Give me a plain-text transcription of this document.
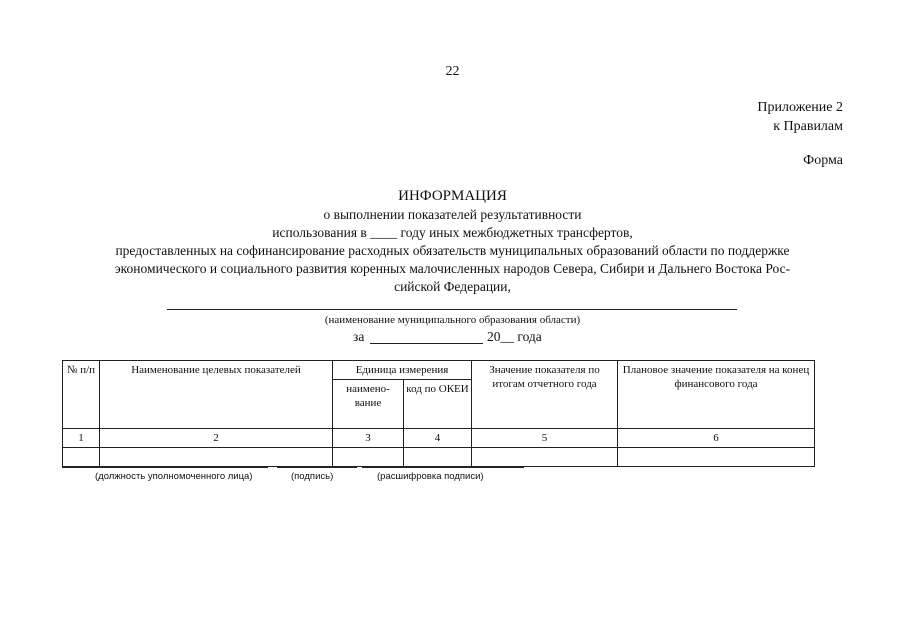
22
Приложение 2
к Правилам
Форма
ИНФОРМАЦИЯ
о выполнении показателей результативности
использования в ____ году иных межбюджетных трансфертов,
предоставленных на софинансирование расходных обязательств муниципальных образований области по поддержке
экономического и социального развития коренных малочисленных народов Севера, Сибири и Дальнего Востока Рос-
сийской Федерации,
(наименование муниципального образования области)
за	20__ года
№ п/п	Наименование целевых показателей	Единица измерения		Значение показателя по итогам отчетного года	Плановое значение показателя на конец финансового года
		наимено-вание	код по ОКЕИ		
1	2	3	4	5	6

(должность уполномоченного лица)	(подпись)	(расшифровка подписи)
